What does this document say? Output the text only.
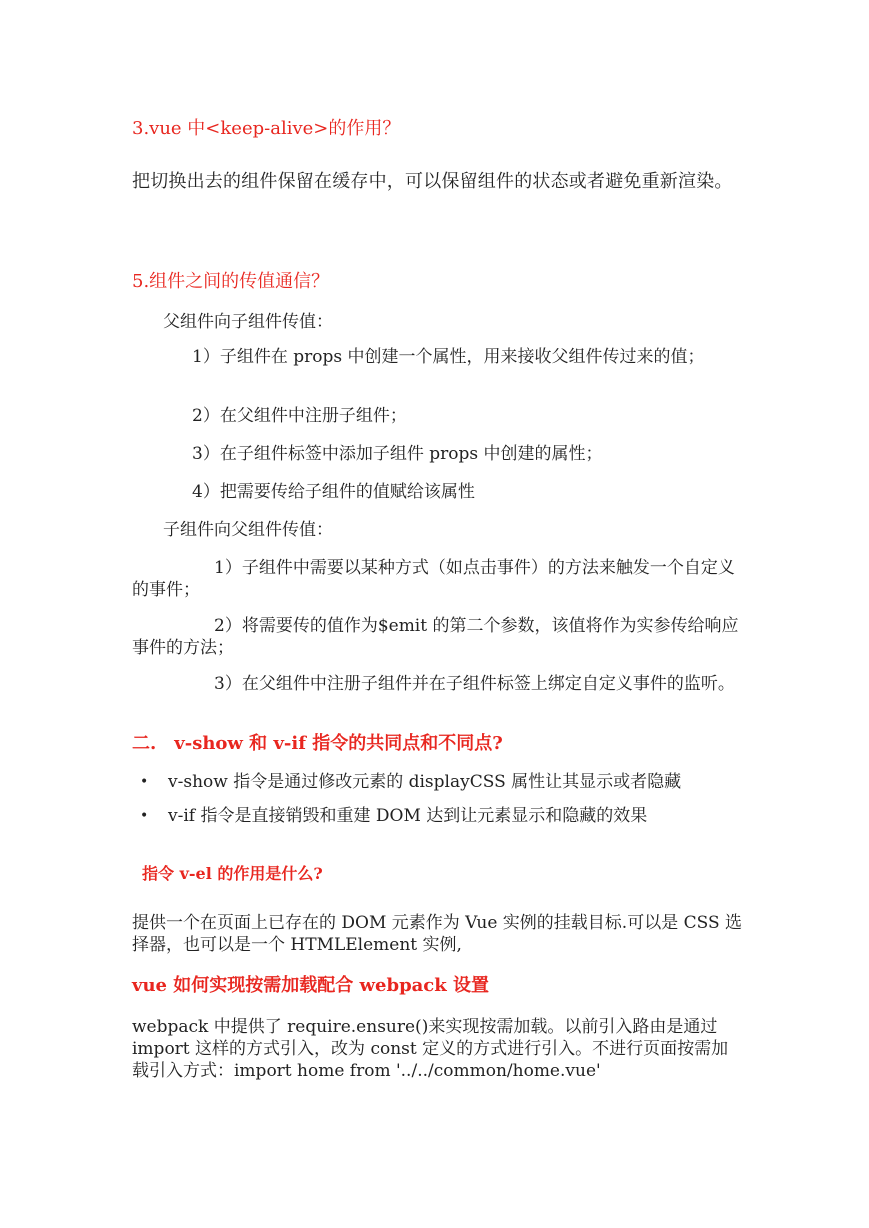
3.vue 中<keep-alive>的作用？
把切换出去的组件保留在缓存中，可以保留组件的状态或者避免重新渲染。
5.组件之间的传值通信？
父组件向子组件传值：
1）子组件在 props 中创建一个属性，用来接收父组件传过来的值；
2）在父组件中注册子组件；
3）在子组件标签中添加子组件 props 中创建的属性；
4）把需要传给子组件的值赋给该属性
子组件向父组件传值：
1）子组件中需要以某种方式（如点击事件）的方法来触发一个自定义的事件；
2）将需要传的值作为$emit 的第二个参数，该值将作为实参传给响应事件的方法；
3）在父组件中注册子组件并在子组件标签上绑定自定义事件的监听。
二.　v-show 和 v-if 指令的共同点和不同点?
• v-show 指令是通过修改元素的 displayCSS 属性让其显示或者隐藏
• v-if 指令是直接销毁和重建 DOM 达到让元素显示和隐藏的效果
指令 v-el 的作用是什么?
提供一个在页面上已存在的 DOM 元素作为 Vue 实例的挂载目标.可以是 CSS 选择器，也可以是一个 HTMLElement 实例,
vue 如何实现按需加载配合 webpack 设置
webpack 中提供了 require.ensure()来实现按需加载。以前引入路由是通过 import 这样的方式引入，改为 const 定义的方式进行引入。不进行页面按需加载引入方式：import home from '../../common/home.vue'
